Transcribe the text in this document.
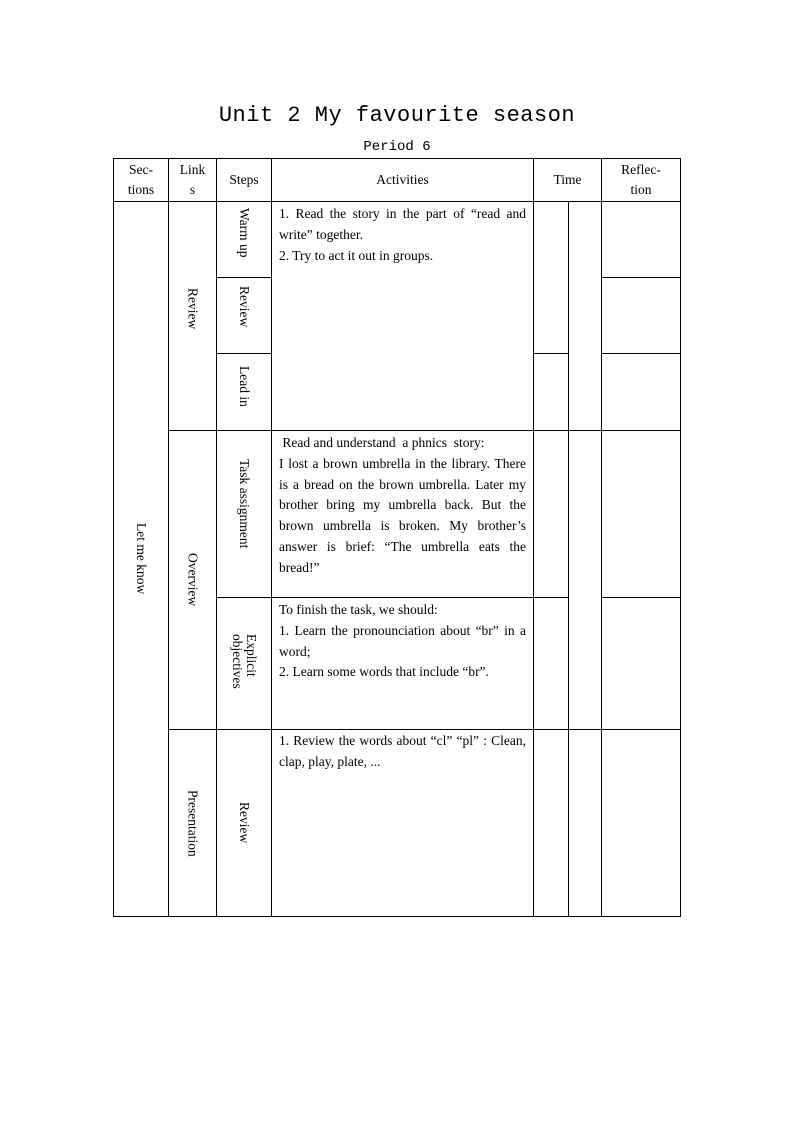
Unit 2 My favourite season
Period 6
Sec-
tions
Link
s
Steps	Activities	Time
Reflec-
tion
Let me know
Review
Overview
Presentation
Warm up
Review
Lead in
Task assignment
Explicit
objectives
Review

1. Read the story in the part of “read and write” together.

2. Try to act it out in groups.

Read and understand  a phnics  story:

I lost a brown umbrella in the library. There is a bread on the brown umbrella. Later my brother bring my umbrella back. But the brown umbrella is broken. My brother’s answer is brief: “The umbrella eats the bread!”

To finish the task, we should:

1. Learn the pronounciation about “br” in a word;

2. Learn some words that include “br”.

1. Review the words about “cl” “pl” : Clean, clap, play, plate, ...
